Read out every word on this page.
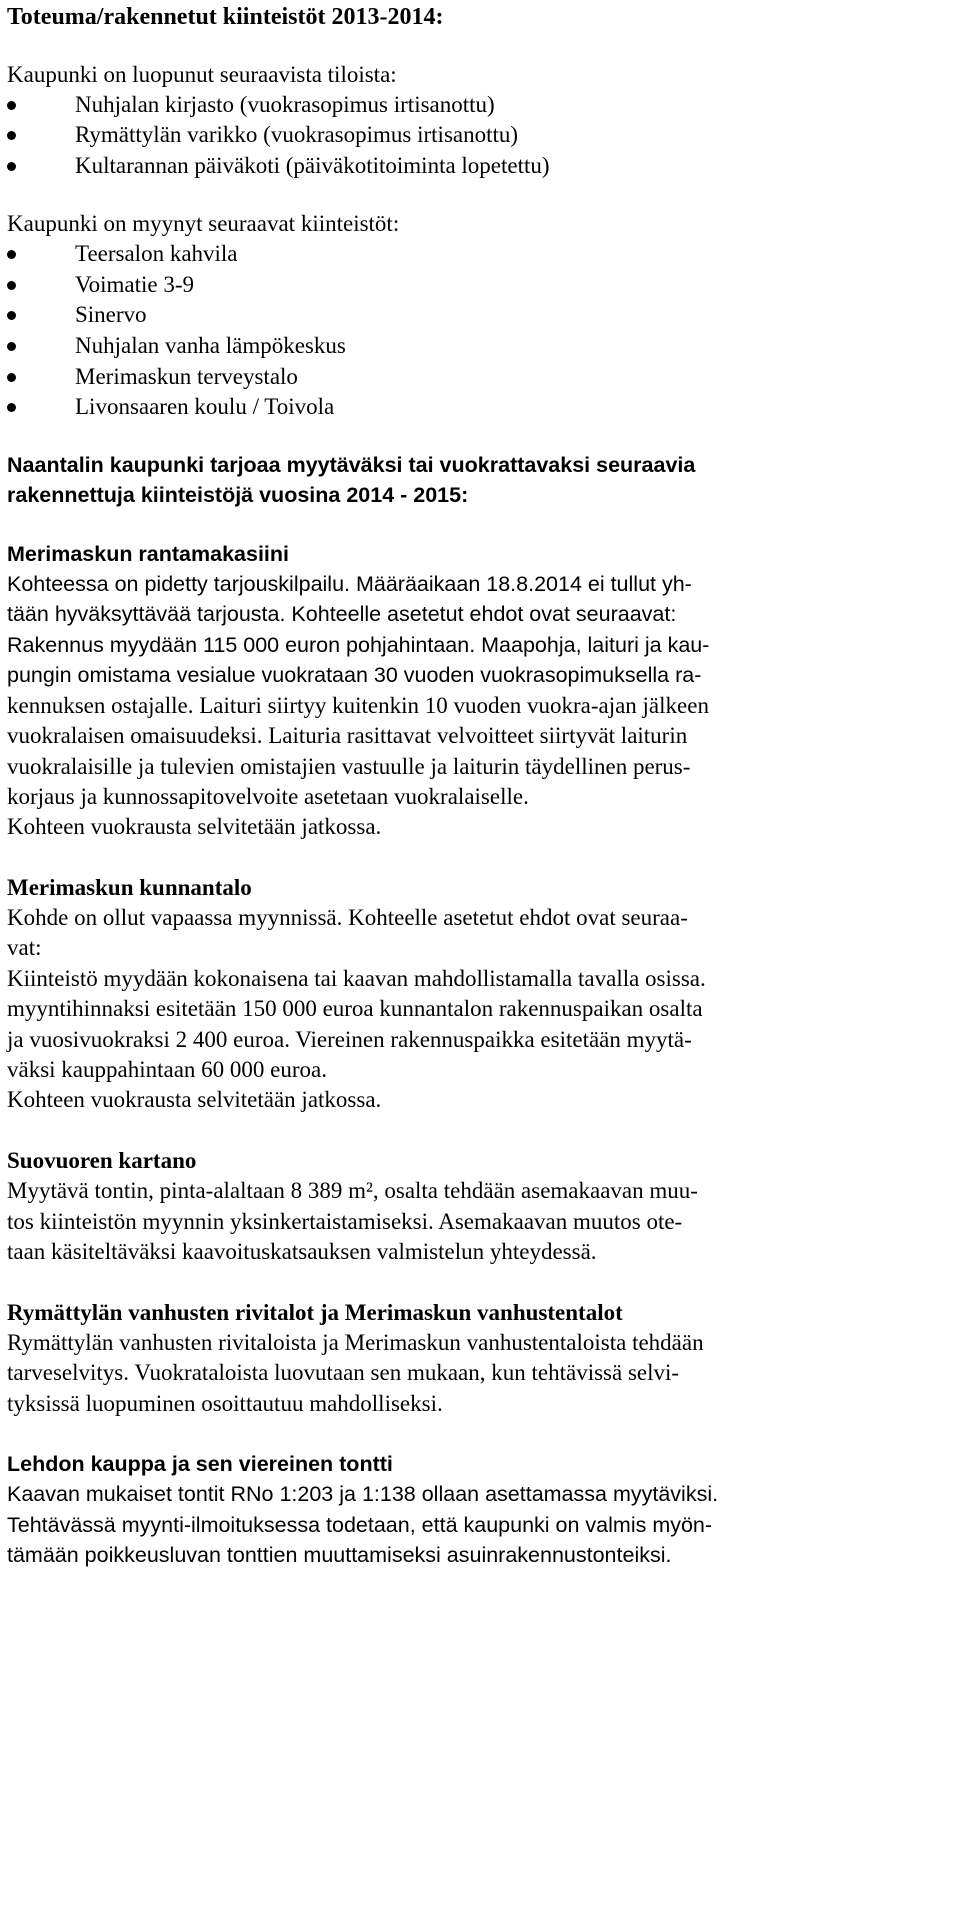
Toteuma/rakennetut kiinteistöt 2013-2014:
Kaupunki on luopunut seuraavista tiloista:
Nuhjalan kirjasto (vuokrasopimus irtisanottu)
Rymättylän varikko (vuokrasopimus irtisanottu)
Kultarannan päiväkoti (päiväkotitoiminta lopetettu)
Kaupunki on myynyt seuraavat kiinteistöt:
Teersalon kahvila
Voimatie 3-9
Sinervo
Nuhjalan vanha lämpökeskus
Merimaskun terveystalo
Livonsaaren koulu / Toivola
Naantalin kaupunki tarjoaa myytäväksi tai vuokrattavaksi seuraavia
rakennettuja kiinteistöjä vuosina 2014 - 2015:
Merimaskun rantamakasiini
Kohteessa on pidetty tarjouskilpailu. Määräaikaan 18.8.2014 ei tullut yh-
tään hyväksyttävää tarjousta. Kohteelle asetetut ehdot ovat seuraavat:
Rakennus myydään 115 000 euron pohjahintaan. Maapohja, laituri ja kau-
pungin omistama vesialue vuokrataan 30 vuoden vuokrasopimuksella ra-
kennuksen ostajalle. Laituri siirtyy kuitenkin 10 vuoden vuokra-ajan jälkeen
vuokralaisen omaisuudeksi. Laituria rasittavat velvoitteet siirtyvät laiturin
vuokralaisille ja tulevien omistajien vastuulle ja laiturin täydellinen perus-
korjaus ja kunnossapitovelvoite asetetaan vuokralaiselle.
Kohteen vuokrausta selvitetään jatkossa.
Merimaskun kunnantalo
Kohde on ollut vapaassa myynnissä. Kohteelle asetetut ehdot ovat seuraa-
vat:
Kiinteistö myydään kokonaisena tai kaavan mahdollistamalla tavalla osissa.
myyntihinnaksi esitetään 150 000 euroa kunnantalon rakennuspaikan osalta
ja vuosivuokraksi 2 400 euroa. Viereinen rakennuspaikka esitetään myytä-
väksi kauppahintaan 60 000 euroa.
Kohteen vuokrausta selvitetään jatkossa.
Suovuoren kartano
Myytävä tontin, pinta-alaltaan 8 389 m², osalta tehdään asemakaavan muu-
tos kiinteistön myynnin yksinkertaistamiseksi. Asemakaavan muutos ote-
taan käsiteltäväksi kaavoituskatsauksen valmistelun yhteydessä.
Rymättylän vanhusten rivitalot ja Merimaskun vanhustentalot
Rymättylän vanhusten rivitaloista ja Merimaskun vanhustentaloista tehdään
tarveselvitys. Vuokrataloista luovutaan sen mukaan, kun tehtävissä selvi-
tyksissä luopuminen osoittautuu mahdolliseksi.
Lehdon kauppa ja sen viereinen tontti
Kaavan mukaiset tontit RNo 1:203 ja 1:138 ollaan asettamassa myytäviksi.
Tehtävässä myynti-ilmoituksessa todetaan, että kaupunki on valmis myön-
tämään poikkeusluvan tonttien muuttamiseksi asuinrakennustonteiksi.
